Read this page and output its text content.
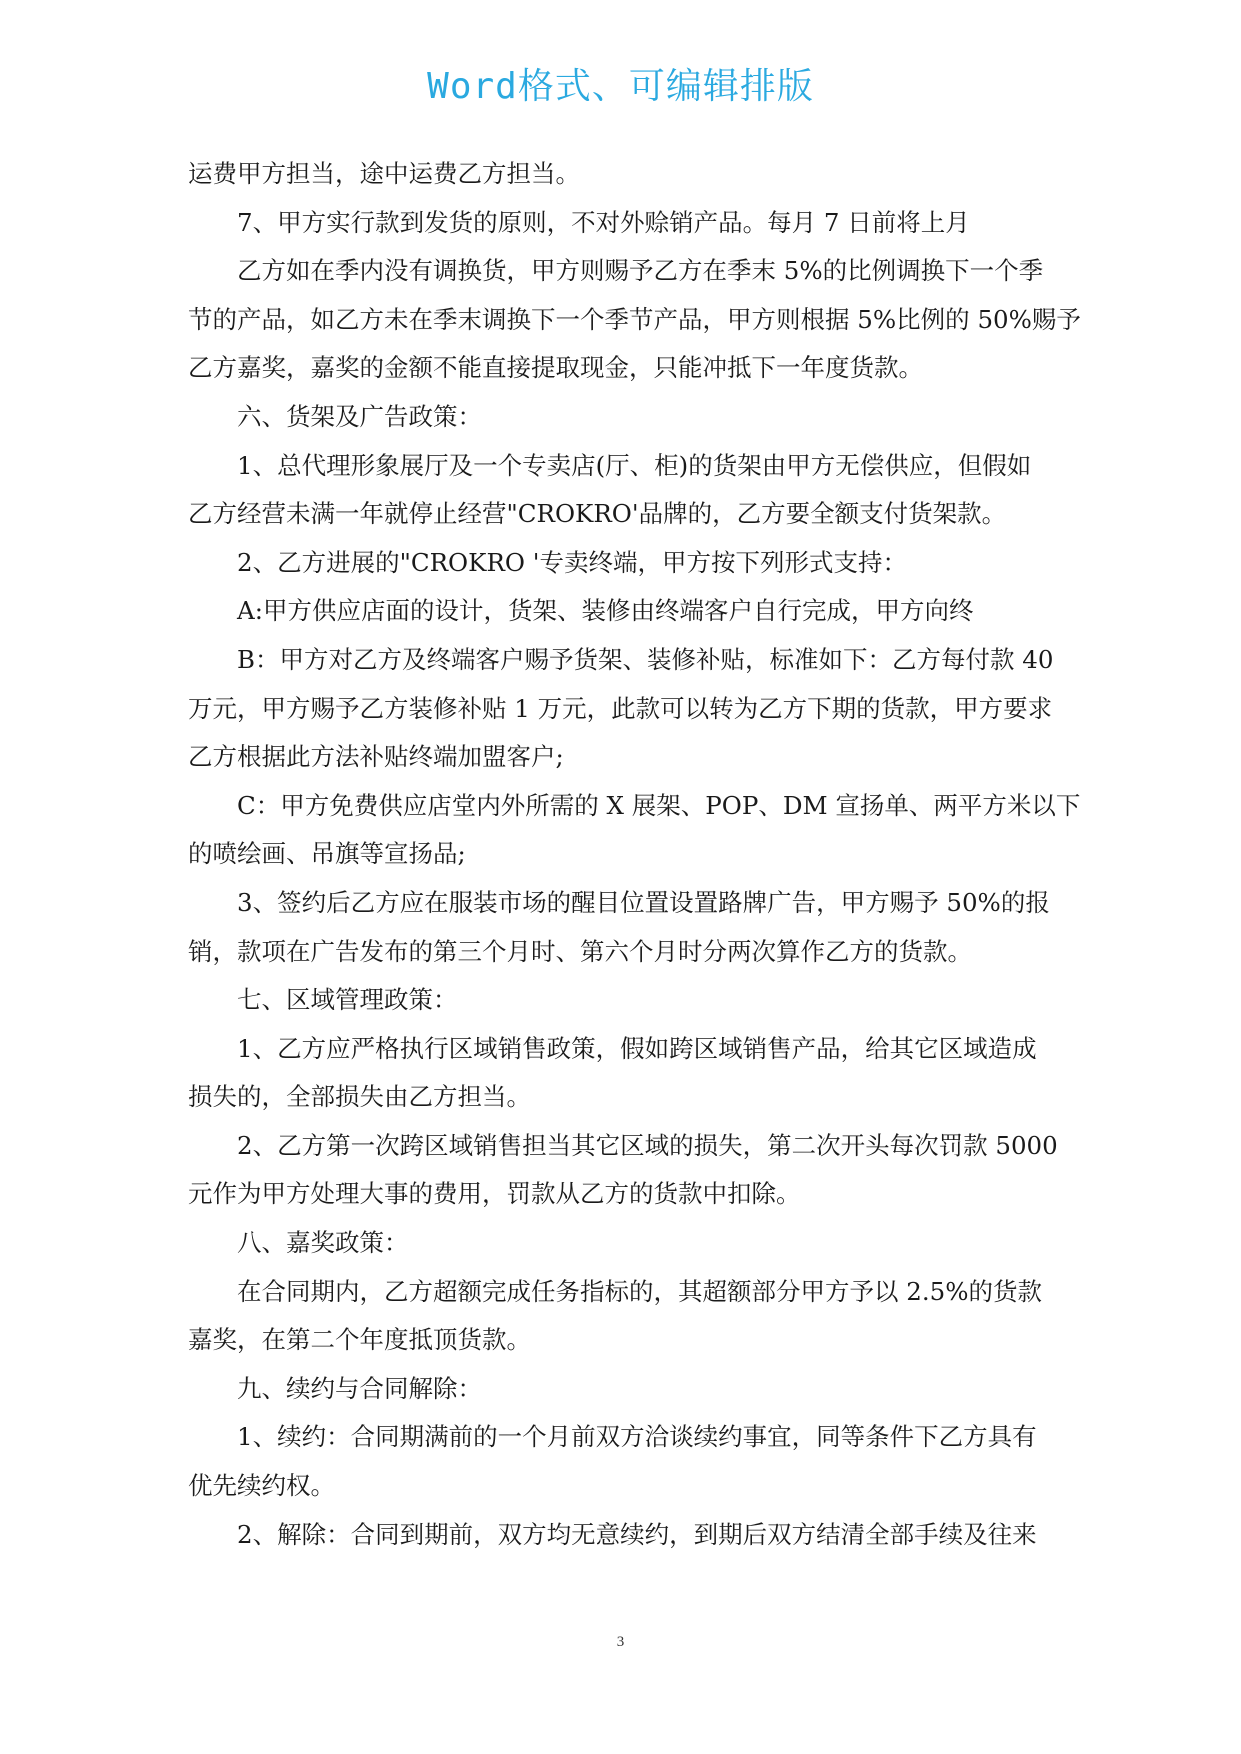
Word格式、可编辑排版

运费甲方担当，途中运费乙方担当。

7、甲方实行款到发货的原则，不对外赊销产品。每月 7 日前将上月

乙方如在季内没有调换货，甲方则赐予乙方在季末 5%的比例调换下一个季

节的产品，如乙方未在季末调换下一个季节产品，甲方则根据 5%比例的 50%赐予

乙方嘉奖，嘉奖的金额不能直接提取现金，只能冲抵下一年度货款。

六、货架及广告政策：

1、总代理形象展厅及一个专卖店(厅、柜)的货架由甲方无偿供应，但假如

乙方经营未满一年就停止经营"CROKRO'品牌的，乙方要全额支付货架款。

2、乙方进展的"CROKRO '专卖终端，甲方按下列形式支持：

A:甲方供应店面的设计，货架、装修由终端客户自行完成，甲方向终

B：甲方对乙方及终端客户赐予货架、装修补贴，标准如下：乙方每付款 40

万元，甲方赐予乙方装修补贴 1 万元，此款可以转为乙方下期的货款，甲方要求

乙方根据此方法补贴终端加盟客户;

C：甲方免费供应店堂内外所需的 X 展架、POP、DM 宣扬单、两平方米以下

的喷绘画、吊旗等宣扬品;

3、签约后乙方应在服装市场的醒目位置设置路牌广告，甲方赐予 50%的报

销，款项在广告发布的第三个月时、第六个月时分两次算作乙方的货款。

七、区域管理政策：

1、乙方应严格执行区域销售政策，假如跨区域销售产品，给其它区域造成

损失的，全部损失由乙方担当。

2、乙方第一次跨区域销售担当其它区域的损失，第二次开头每次罚款 5000

元作为甲方处理大事的费用，罚款从乙方的货款中扣除。

八、嘉奖政策：

在合同期内，乙方超额完成任务指标的，其超额部分甲方予以 2.5%的货款

嘉奖，在第二个年度抵顶货款。

九、续约与合同解除：

1、续约：合同期满前的一个月前双方洽谈续约事宜，同等条件下乙方具有

优先续约权。

2、解除：合同到期前，双方均无意续约，到期后双方结清全部手续及往来

3
